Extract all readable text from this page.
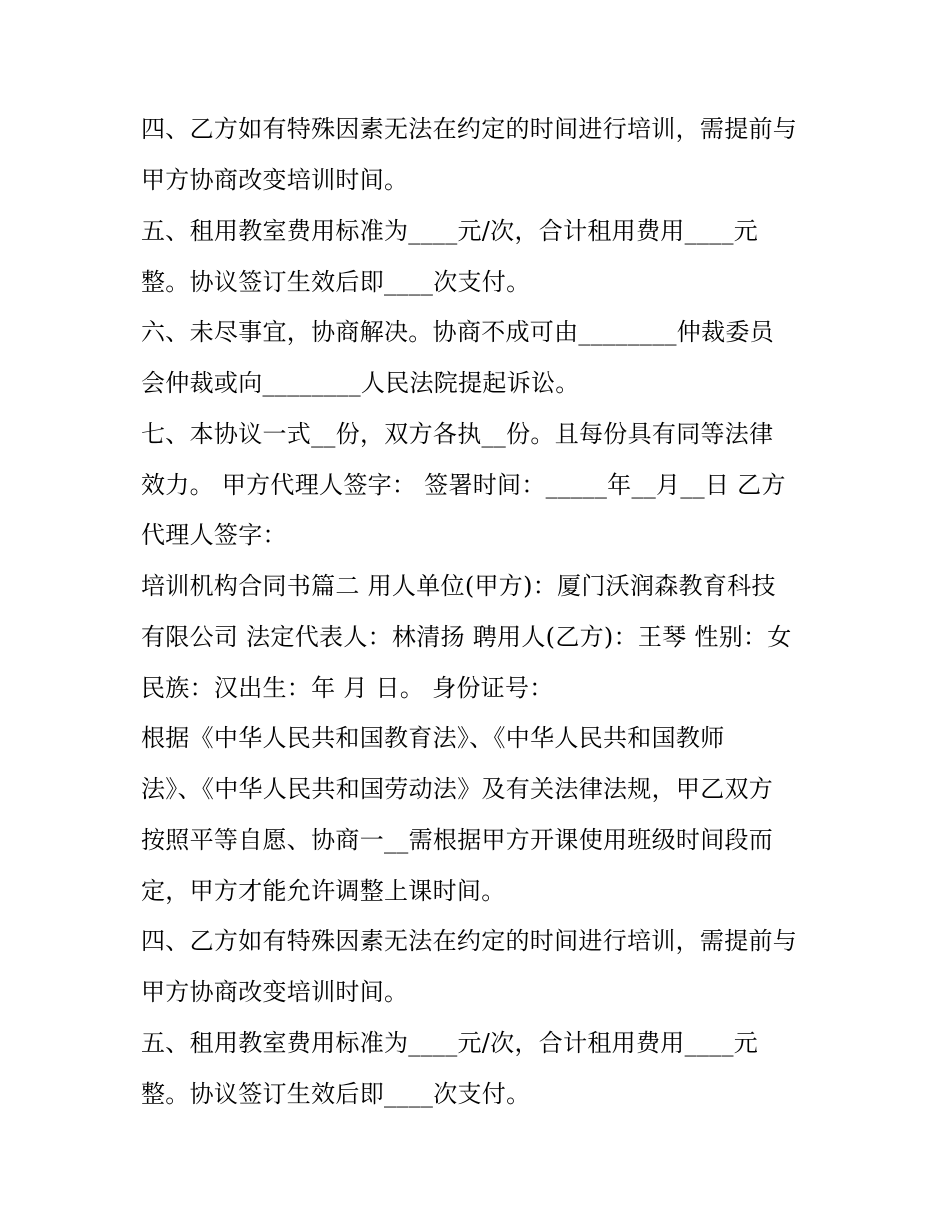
四、乙方如有特殊因素无法在约定的时间进行培训，需提前与
甲方协商改变培训时间。
五、租用教室费用标准为____元/次，合计租用费用____元
整。协议签订生效后即____次支付。
六、未尽事宜，协商解决。协商不成可由________仲裁委员
会仲裁或向________人民法院提起诉讼。
七、本协议一式__份，双方各执__份。且每份具有同等法律
效力。 甲方代理人签字： 签署时间：_____年__月__日 乙方
代理人签字：
培训机构合同书篇二 用人单位(甲方)：厦门沃润森教育科技
有限公司 法定代表人：林清扬 聘用人(乙方)：王琴 性别：女
民族：汉出生：年 月 日。 身份证号：
根据《中华人民共和国教育法》、《中华人民共和国教师
法》、《中华人民共和国劳动法》及有关法律法规，甲乙双方
按照平等自愿、协商一__需根据甲方开课使用班级时间段而
定，甲方才能允许调整上课时间。
四、乙方如有特殊因素无法在约定的时间进行培训，需提前与
甲方协商改变培训时间。
五、租用教室费用标准为____元/次，合计租用费用____元
整。协议签订生效后即____次支付。
